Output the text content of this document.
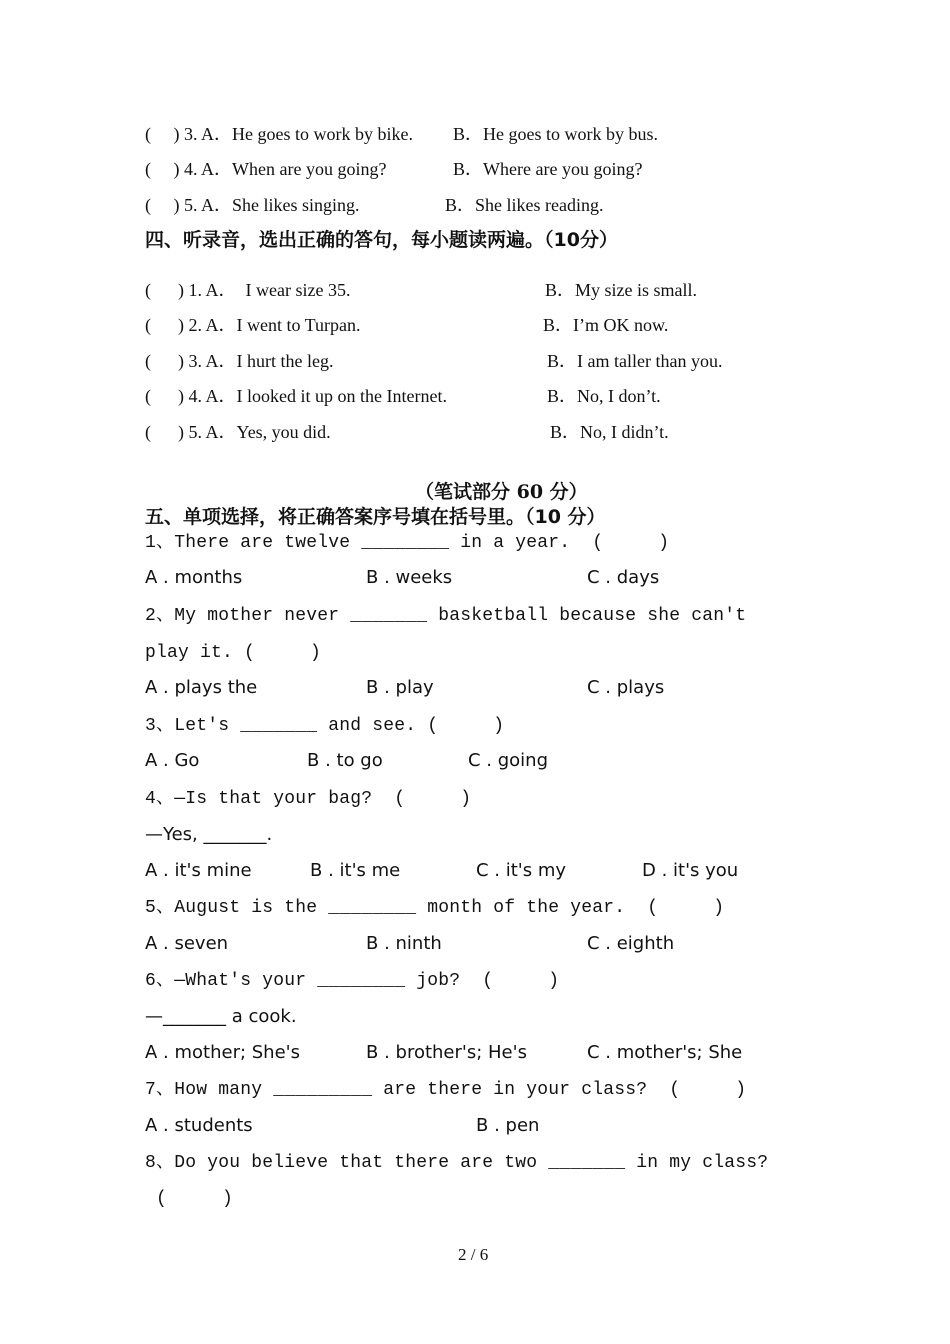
(     ) 3. A．He goes to work by bike. B．He goes to work by bus.
(     ) 4. A．When are you going?	B．Where are you going?
(     ) 5. A．She likes singing.	B．She likes reading.
四、听录音，选出正确的答句，每小题读两遍。（10分）
(      ) 1. A．  I wear size 35.	B．My size is small.
(      ) 2. A．I went to Turpan.	B．I’m OK now.
(      ) 3. A．I hurt the leg.	B．I am taller than you.
(      ) 4. A．I looked it up on the Internet.	B．No, I don’t.
(      ) 5. A．Yes, you did.	B．No, I didn’t.
（笔试部分 60 分）
五、单项选择，将正确答案序号填在括号里。（10 分）
1、There are twelve ________ in a year.  (     )
A . months	B . weeks	C . days
2、My mother never _______ basketball because she can't
play it. (     )
A . plays the	B . play	C . plays
3、Let's _______ and see. (     )
A . Go	B . to go	C . going
4、—Is that your bag?  (     )
—Yes, _______.
A . it's mine	B . it's me	C . it's my	D . it's you
5、August is the ________ month of the year.  (     )
A . seven	B . ninth	C . eighth
6、—What's your ________ job?  (     )
—_______ a cook.
A . mother; She's	B . brother's; He's	C . mother's; She
7、How many _________ are there in your class?  (     )
A . students	B . pen
8、Do you believe that there are two _______ in my class?
(     )
2 / 6
